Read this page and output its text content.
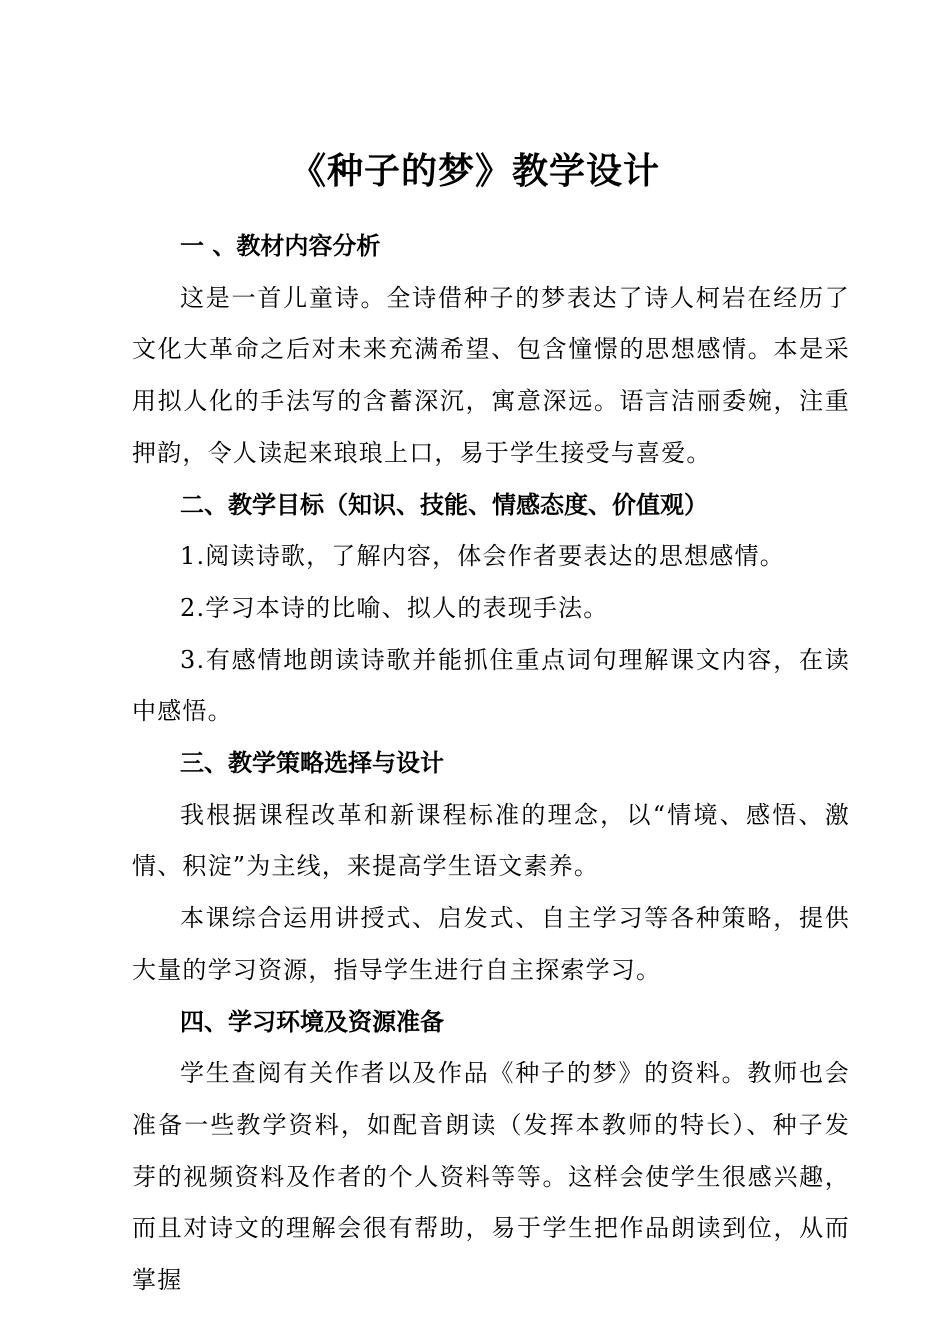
《种子的梦》教学设计
一 、教材内容分析

这是一首儿童诗。全诗借种子的梦表达了诗人柯岩在经历了文化大革命之后对未来充满希望、包含憧憬的思想感情。本是采用拟人化的手法写的含蓄深沉，寓意深远。语言洁丽委婉，注重押韵，令人读起来琅琅上口，易于学生接受与喜爱。

二、教学目标（知识、技能、情感态度、价值观）

1.阅读诗歌，了解内容，体会作者要表达的思想感情。

2.学习本诗的比喻、拟人的表现手法。

3.有感情地朗读诗歌并能抓住重点词句理解课文内容，在读中感悟。

三、教学策略选择与设计

我根据课程改革和新课程标准的理念，以“情境、感悟、激情、积淀”为主线，来提高学生语文素养。

本课综合运用讲授式、启发式、自主学习等各种策略，提供大量的学习资源，指导学生进行自主探索学习。

四、学习环境及资源准备

学生查阅有关作者以及作品《种子的梦》的资料。教师也会准备一些教学资料，如配音朗读（发挥本教师的特长）、种子发芽的视频资料及作者的个人资料等等。这样会使学生很感兴趣，而且对诗文的理解会很有帮助，易于学生把作品朗读到位，从而掌握
